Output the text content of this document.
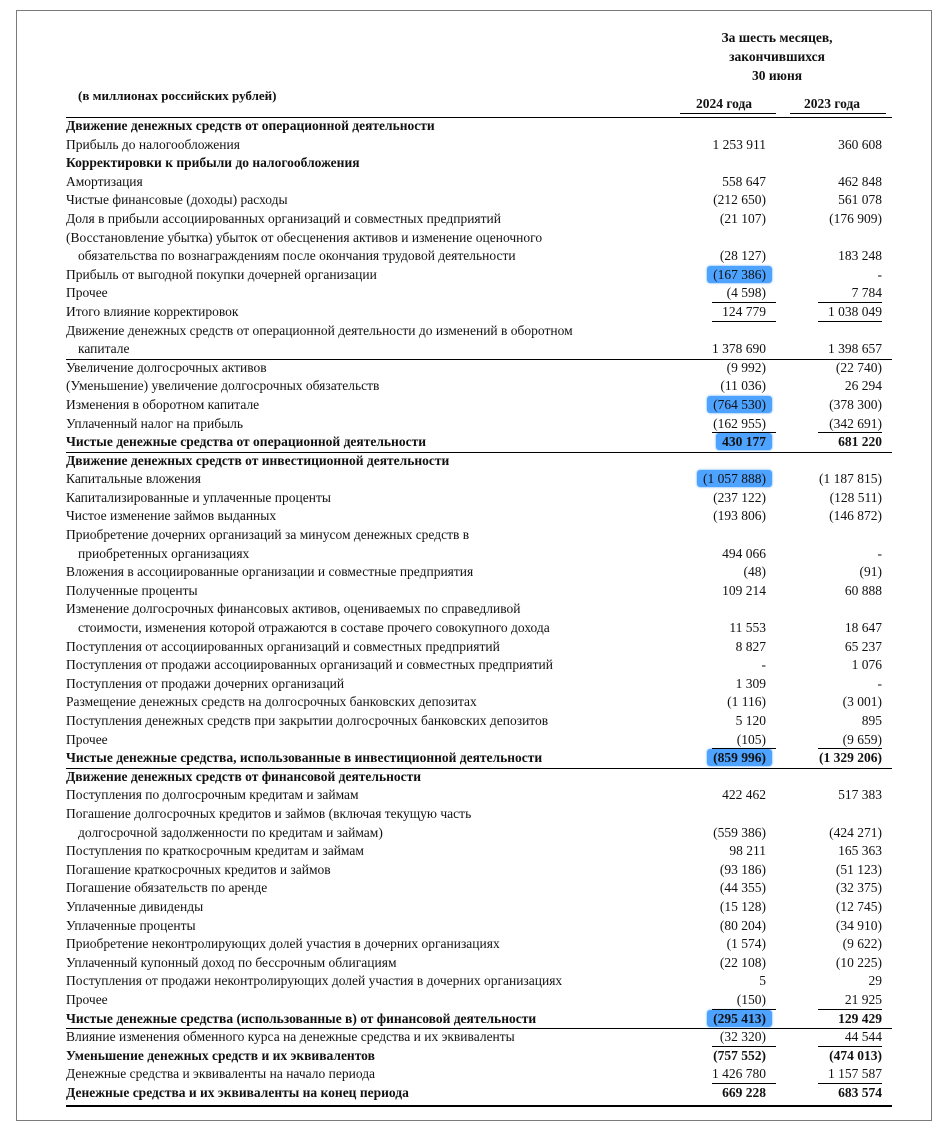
За шесть месяцев,
закончившихся
30 июня
2024 года	2023 года
(в миллионах российских рублей)
Движение денежных средств от операционной деятельности
Прибыль до налогообложения	1 253 911	360 608
Корректировки к прибыли до налогообложения
Амортизация	558 647	462 848
Чистые финансовые (доходы) расходы	(212 650)	561 078
Доля в прибыли ассоциированных организаций и совместных предприятий	(21 107)	(176 909)
(Восстановление убытка) убыток от обесценения активов и изменение оценочного
обязательства по вознаграждениям после окончания трудовой деятельности	(28 127)	183 248
Прибыль от выгодной покупки дочерней организации	(167 386)	-
Прочее	(4 598)	7 784
Итого влияние корректировок	124 779	1 038 049
Движение денежных средств от операционной деятельности до изменений в оборотном
капитале	1 378 690	1 398 657
Увеличение долгосрочных активов	(9 992)	(22 740)
(Уменьшение) увеличение долгосрочных обязательств	(11 036)	26 294
Изменения в оборотном капитале	(764 530)	(378 300)
Уплаченный налог на прибыль	(162 955)	(342 691)
Чистые денежные средства от операционной деятельности	430 177	681 220
Движение денежных средств от инвестиционной деятельности
Капитальные вложения	(1 057 888)	(1 187 815)
Капитализированные и уплаченные проценты	(237 122)	(128 511)
Чистое изменение займов выданных	(193 806)	(146 872)
Приобретение дочерних организаций за минусом денежных средств в
приобретенных организациях	494 066	-
Вложения в ассоциированные организации и совместные предприятия	(48)	(91)
Полученные проценты	109 214	60 888
Изменение долгосрочных финансовых активов, оцениваемых по справедливой
стоимости, изменения которой отражаются в составе прочего совокупного дохода	11 553	18 647
Поступления от ассоциированных организаций и совместных предприятий	8 827	65 237
Поступления от продажи ассоциированных организаций и совместных предприятий	-	1 076
Поступления от продажи дочерних организаций	1 309	-
Размещение денежных средств на долгосрочных банковских депозитах	(1 116)	(3 001)
Поступления денежных средств при закрытии долгосрочных банковских депозитов	5 120	895
Прочее	(105)	(9 659)
Чистые денежные средства, использованные в инвестиционной деятельности	(859 996)	(1 329 206)
Движение денежных средств от финансовой деятельности
Поступления по долгосрочным кредитам и займам	422 462	517 383
Погашение долгосрочных кредитов и займов (включая текущую часть
долгосрочной задолженности по кредитам и займам)	(559 386)	(424 271)
Поступления по краткосрочным кредитам и займам	98 211	165 363
Погашение краткосрочных кредитов и займов	(93 186)	(51 123)
Погашение обязательств по аренде	(44 355)	(32 375)
Уплаченные дивиденды	(15 128)	(12 745)
Уплаченные проценты	(80 204)	(34 910)
Приобретение неконтролирующих долей участия в дочерних организациях	(1 574)	(9 622)
Уплаченный купонный доход по бессрочным облигациям	(22 108)	(10 225)
Поступления от продажи неконтролирующих долей участия в дочерних организациях	5	29
Прочее	(150)	21 925
Чистые денежные средства (использованные в) от финансовой деятельности	(295 413)	129 429
Влияние изменения обменного курса на денежные средства и их эквиваленты	(32 320)	44 544
Уменьшение денежных средств и их эквивалентов	(757 552)	(474 013)
Денежные средства и эквиваленты на начало периода	1 426 780	1 157 587
Денежные средства и их эквиваленты на конец периода	669 228	683 574
